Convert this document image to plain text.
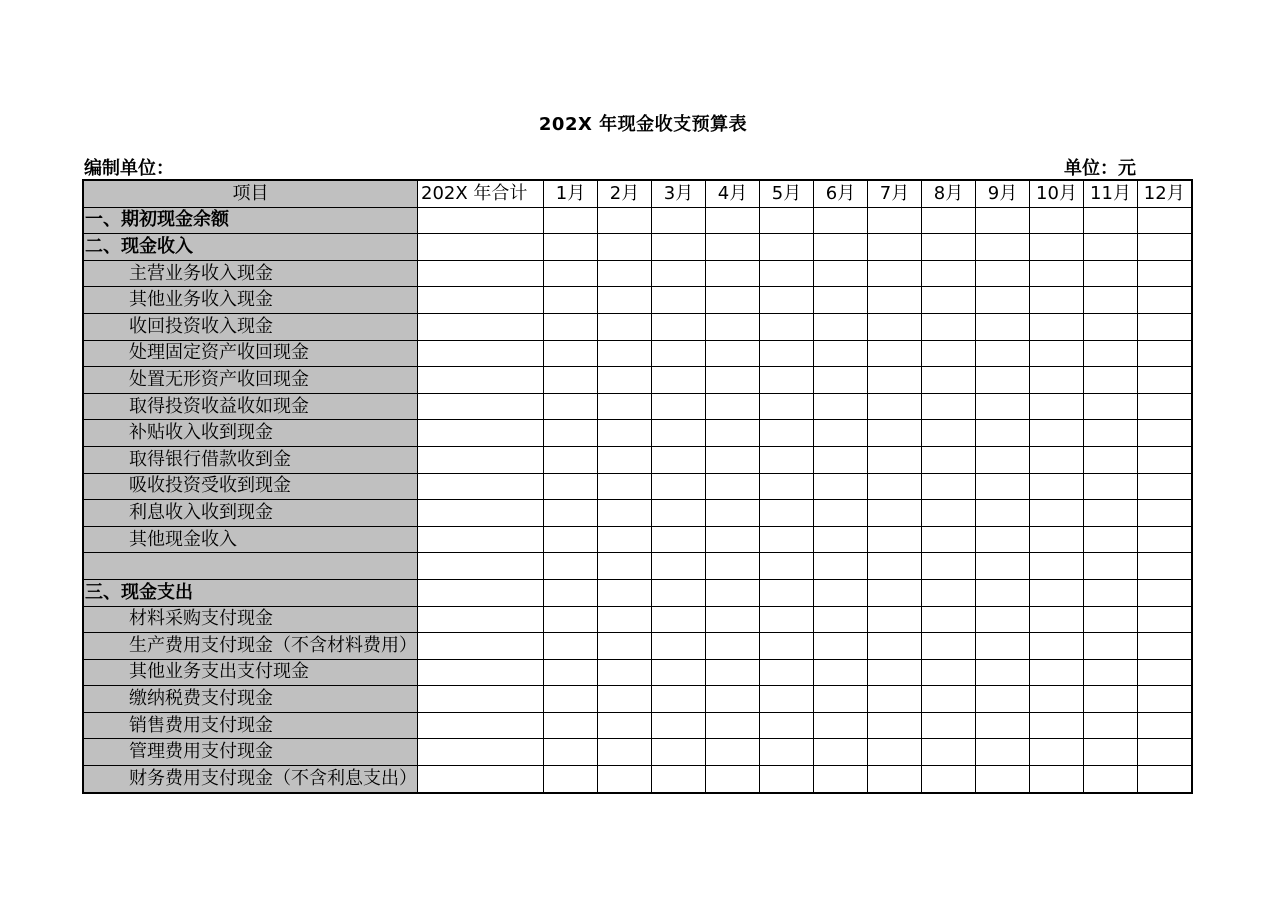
202X 年现金收支预算表
编制单位：	单位：元
项目	202X 年合计	1月	2月	3月	4月	5月	6月	7月	8月	9月	10月	11月	12月
一、期初现金余额													
二、现金收入													
主营业务收入现金													
其他业务收入现金													
收回投资收入现金													
处理固定资产收回现金													
处置无形资产收回现金													
取得投资收益收如现金													
补贴收入收到现金													
取得银行借款收到金													
吸收投资受收到现金													
利息收入收到现金													
其他现金收入													

三、现金支出													
材料采购支付现金													
生产费用支付现金（不含材料费用）													
其他业务支出支付现金													
缴纳税费支付现金													
销售费用支付现金													
管理费用支付现金													
财务费用支付现金（不含利息支出）													
